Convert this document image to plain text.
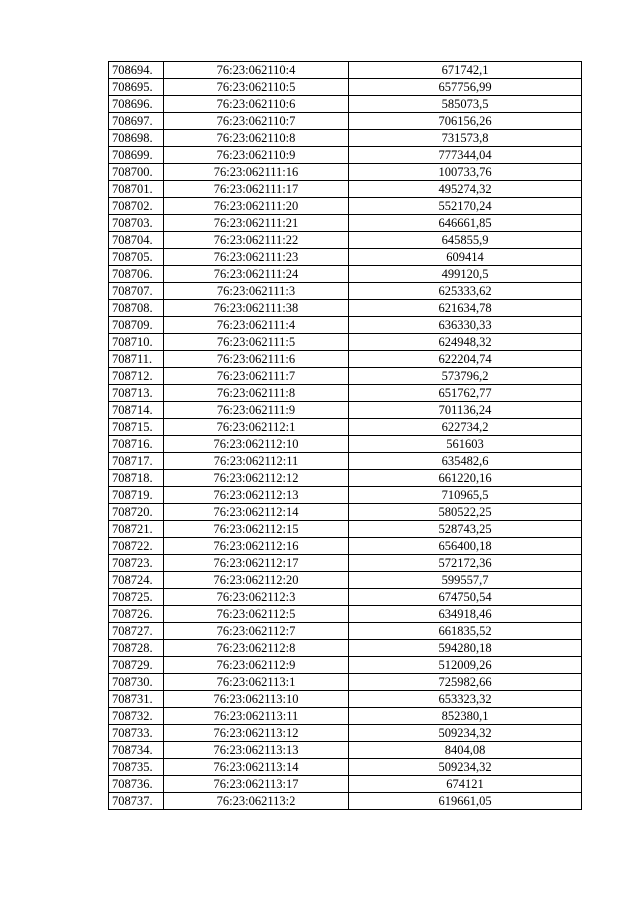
708694.	76:23:062110:4	671742,1
708695.	76:23:062110:5	657756,99
708696.	76:23:062110:6	585073,5
708697.	76:23:062110:7	706156,26
708698.	76:23:062110:8	731573,8
708699.	76:23:062110:9	777344,04
708700.	76:23:062111:16	100733,76
708701.	76:23:062111:17	495274,32
708702.	76:23:062111:20	552170,24
708703.	76:23:062111:21	646661,85
708704.	76:23:062111:22	645855,9
708705.	76:23:062111:23	609414
708706.	76:23:062111:24	499120,5
708707.	76:23:062111:3	625333,62
708708.	76:23:062111:38	621634,78
708709.	76:23:062111:4	636330,33
708710.	76:23:062111:5	624948,32
708711.	76:23:062111:6	622204,74
708712.	76:23:062111:7	573796,2
708713.	76:23:062111:8	651762,77
708714.	76:23:062111:9	701136,24
708715.	76:23:062112:1	622734,2
708716.	76:23:062112:10	561603
708717.	76:23:062112:11	635482,6
708718.	76:23:062112:12	661220,16
708719.	76:23:062112:13	710965,5
708720.	76:23:062112:14	580522,25
708721.	76:23:062112:15	528743,25
708722.	76:23:062112:16	656400,18
708723.	76:23:062112:17	572172,36
708724.	76:23:062112:20	599557,7
708725.	76:23:062112:3	674750,54
708726.	76:23:062112:5	634918,46
708727.	76:23:062112:7	661835,52
708728.	76:23:062112:8	594280,18
708729.	76:23:062112:9	512009,26
708730.	76:23:062113:1	725982,66
708731.	76:23:062113:10	653323,32
708732.	76:23:062113:11	852380,1
708733.	76:23:062113:12	509234,32
708734.	76:23:062113:13	8404,08
708735.	76:23:062113:14	509234,32
708736.	76:23:062113:17	674121
708737.	76:23:062113:2	619661,05
